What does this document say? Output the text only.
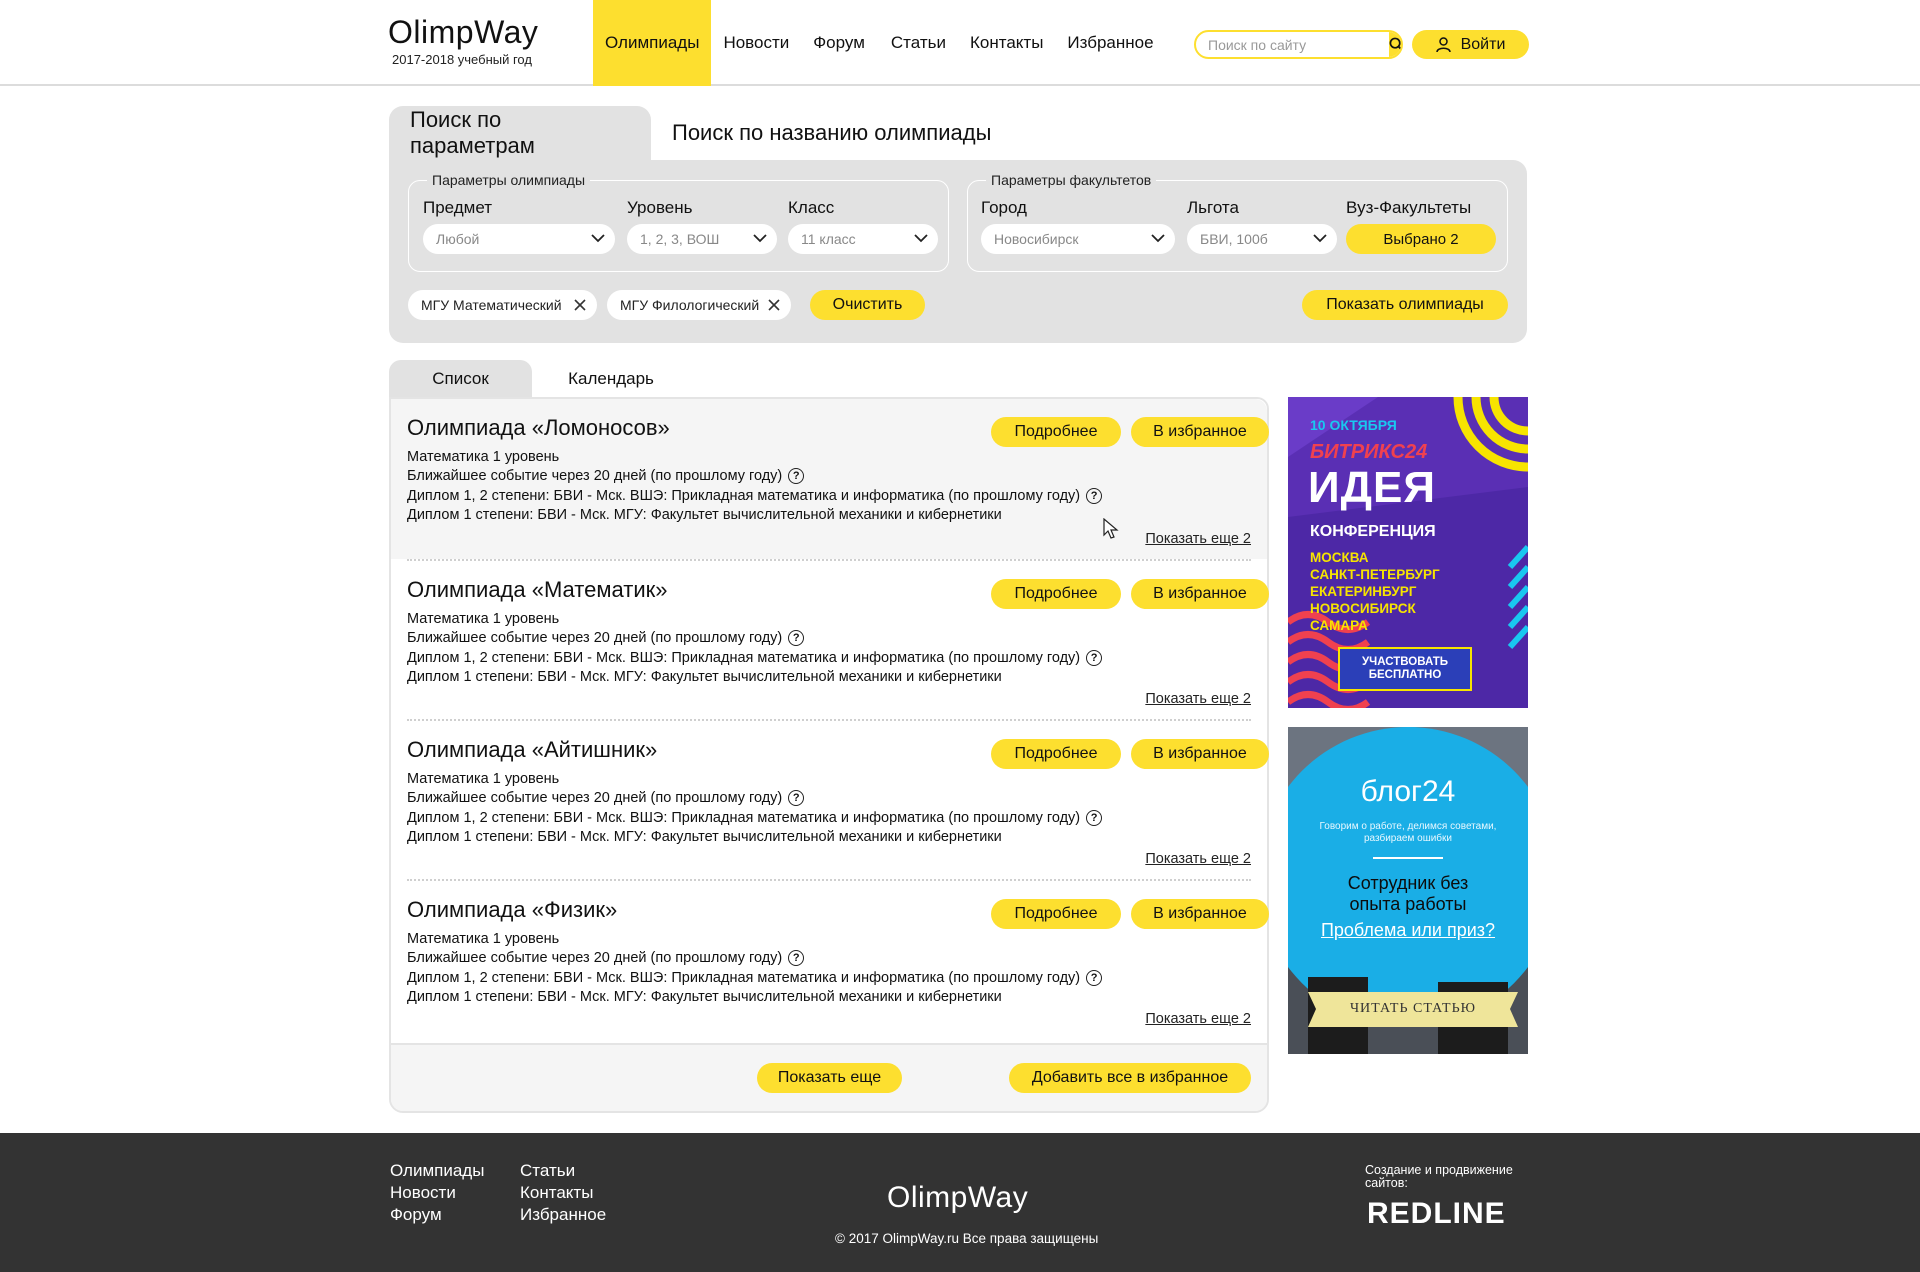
OlimpWay
2017-2018 учебный год
Олимпиады	Новости	Форум	Статьи	Контакты	Избранное
Поиск по сайту	Войти
Поиск по параметрам
Поиск по названию олимпиады
Параметры олимпиады
Предмет
Любой
Уровень
1, 2, 3, ВОШ
Класс
11 класс
Параметры факультетов
Город
Новосибирск
Льгота
БВИ, 100б
Вуз-Факультеты
Выбрано 2
МГУ Математический	МГУ Филологический	Очистить	Показать олимпиады
Список	Календарь
Олимпиада «Ломоносов»
Математика 1 уровень
Ближайшее событие через 20 дней (по прошлому году) ?
Диплом 1, 2 степени: БВИ - Мск. ВШЭ: Прикладная математика и информатика (по прошлому году) ?
Диплом 1 степени: БВИ - Мск. МГУ: Факультет вычислительной механики и кибернетики
Подробнее	В избранное
Показать еще 2
Олимпиада «Математик»
Математика 1 уровень
Ближайшее событие через 20 дней (по прошлому году) ?
Диплом 1, 2 степени: БВИ - Мск. ВШЭ: Прикладная математика и информатика (по прошлому году) ?
Диплом 1 степени: БВИ - Мск. МГУ: Факультет вычислительной механики и кибернетики
Подробнее	В избранное
Показать еще 2
Олимпиада «Айтишник»
Математика 1 уровень
Ближайшее событие через 20 дней (по прошлому году) ?
Диплом 1, 2 степени: БВИ - Мск. ВШЭ: Прикладная математика и информатика (по прошлому году) ?
Диплом 1 степени: БВИ - Мск. МГУ: Факультет вычислительной механики и кибернетики
Подробнее	В избранное
Показать еще 2
Олимпиада «Физик»
Математика 1 уровень
Ближайшее событие через 20 дней (по прошлому году) ?
Диплом 1, 2 степени: БВИ - Мск. ВШЭ: Прикладная математика и информатика (по прошлому году) ?
Диплом 1 степени: БВИ - Мск. МГУ: Факультет вычислительной механики и кибернетики
Подробнее	В избранное
Показать еще 2
Показать еще	Добавить все в избранное
10 ОКТЯБРЯ
БИТРИКС24
ИДЕЯ
КОНФЕРЕНЦИЯ
МОСКВА
САНКТ-ПЕТЕРБУРГ
ЕКАТЕРИНБУРГ
НОВОСИБИРСК
САМАРА
УЧАСТВОВАТЬ БЕСПЛАТНО
блог24
Говорим о работе, делимся советами, разбираем ошибки
Сотрудник без опыта работы
Проблема или приз?
ЧИТАТЬ СТАТЬЮ
Олимпиады
Новости
Форум
Статьи
Контакты
Избранное
OlimpWay
© 2017 OlimpWay.ru Все права защищены
Создание и продвижение сайтов:
REDLINE
